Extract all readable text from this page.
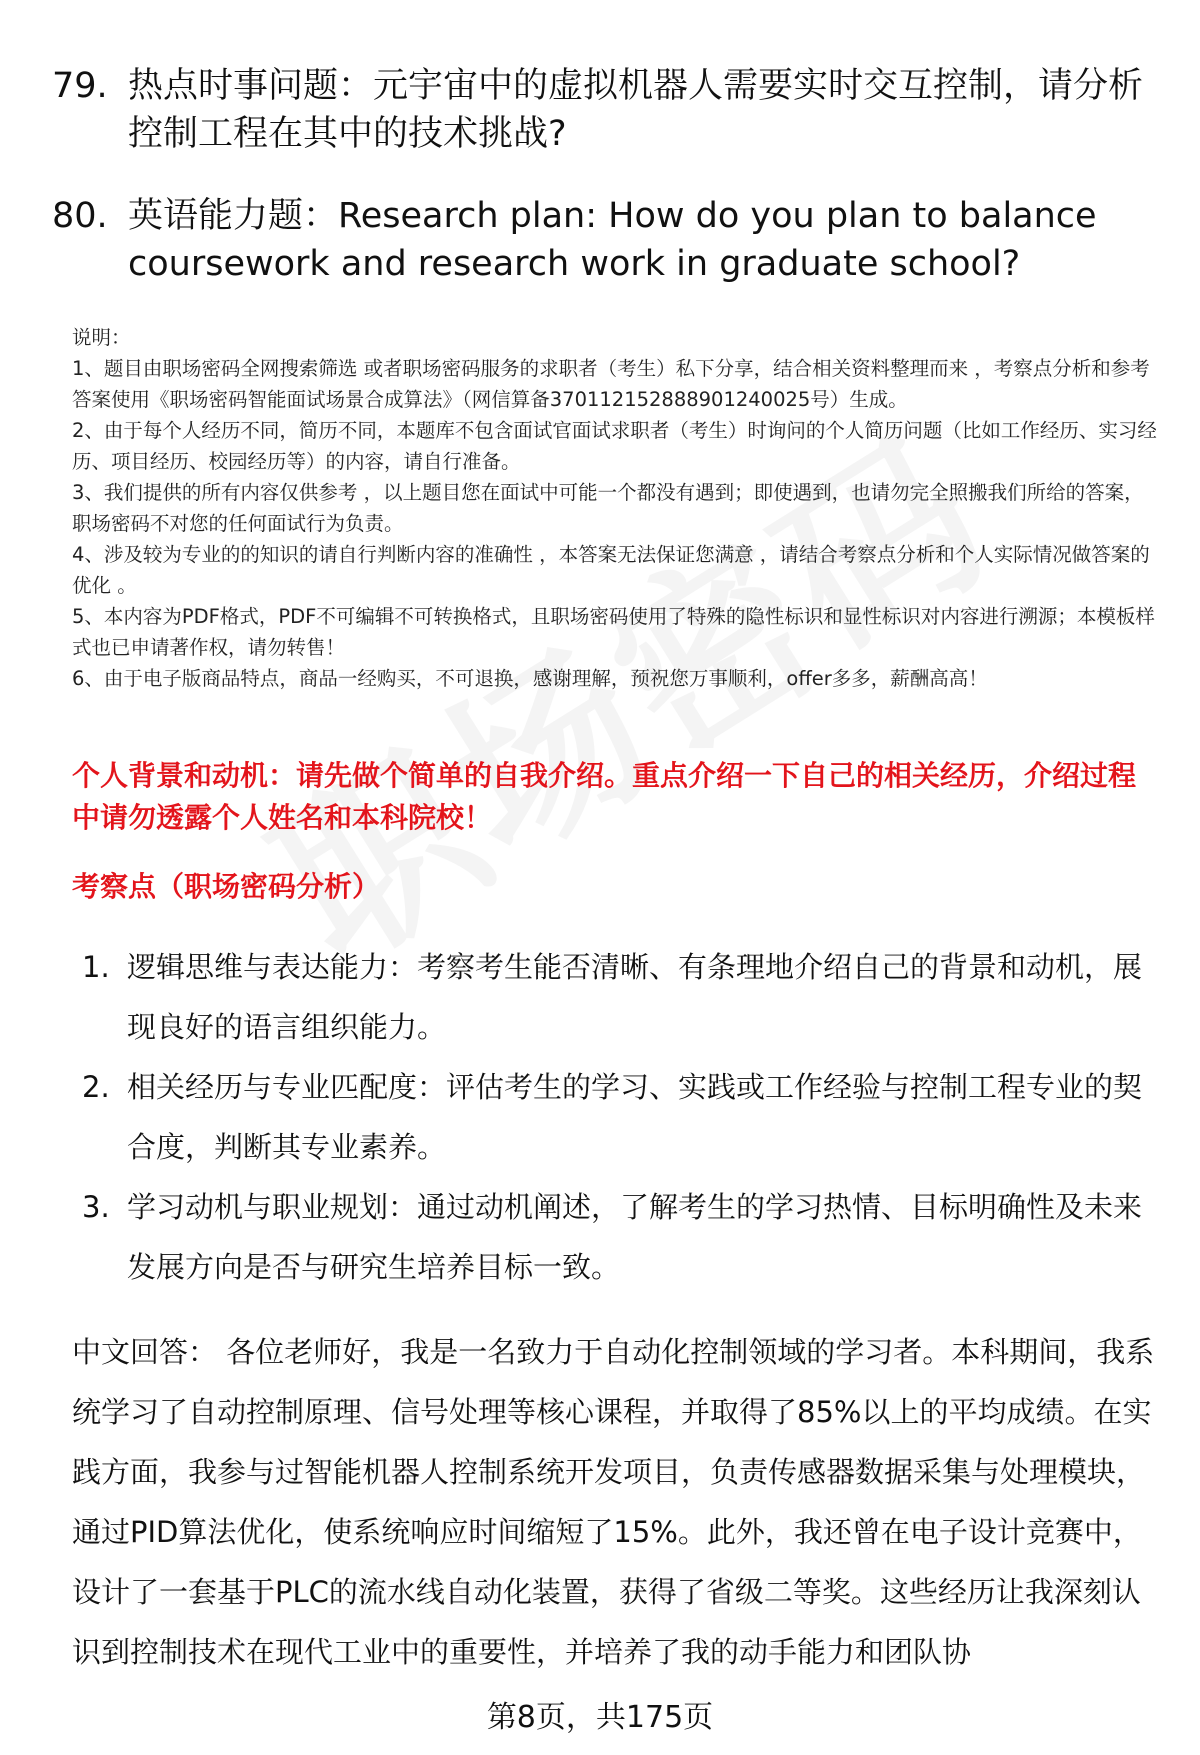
79. 热点时事问题：元宇宙中的虚拟机器人需要实时交互控制，请分析控制工程在其中的技术挑战?
80. 英语能力题：Research plan: How do you plan to balance coursework and research work in graduate school?

说明：

1、题目由职场密码全网搜索筛选 或者职场密码服务的求职者（考生）私下分享，结合相关资料整理而来 ，考察点分析和参考答案使用《职场密码智能面试场景合成算法》（网信算备370112152888901240025号）生成。

2、由于每个人经历不同，简历不同，本题库不包含面试官面试求职者（考生）时询问的个人简历问题（比如工作经历、实习经历、项目经历、校园经历等）的内容，请自行准备。

3、我们提供的所有内容仅供参考 ，以上题目您在面试中可能一个都没有遇到；即使遇到，也请勿完全照搬我们所给的答案，职场密码不对您的任何面试行为负责。

4、涉及较为专业的的知识的请自行判断内容的准确性 ，本答案无法保证您满意 ，请结合考察点分析和个人实际情况做答案的优化 。

5、本内容为PDF格式，PDF不可编辑不可转换格式，且职场密码使用了特殊的隐性标识和显性标识对内容进行溯源；本模板样式也已申请著作权，请勿转售！

6、由于电子版商品特点，商品一经购买，不可退换，感谢理解，预祝您万事顺利，offer多多，薪酬高高！

个人背景和动机：请先做个简单的自我介绍。重点介绍一下自己的相关经历，介绍过程中请勿透露个人姓名和本科院校！
考察点（职场密码分析）
1. 逻辑思维与表达能力：考察考生能否清晰、有条理地介绍自己的背景和动机，展现良好的语言组织能力。
2. 相关经历与专业匹配度：评估考生的学习、实践或工作经验与控制工程专业的契合度，判断其专业素养。
3. 学习动机与职业规划：通过动机阐述，了解考生的学习热情、目标明确性及未来发展方向是否与研究生培养目标一致。

中文回答： 各位老师好，我是一名致力于自动化控制领域的学习者。本科期间，我系统学习了自动控制原理、信号处理等核心课程，并取得了85%以上的平均成绩。在实践方面，我参与过智能机器人控制系统开发项目，负责传感器数据采集与处理模块，通过PID算法优化，使系统响应时间缩短了15%。此外，我还曾在电子设计竞赛中，设计了一套基于PLC的流水线自动化装置，获得了省级二等奖。这些经历让我深刻认识到控制技术在现代工业中的重要性，并培养了我的动手能力和团队协

第8页，共175页
